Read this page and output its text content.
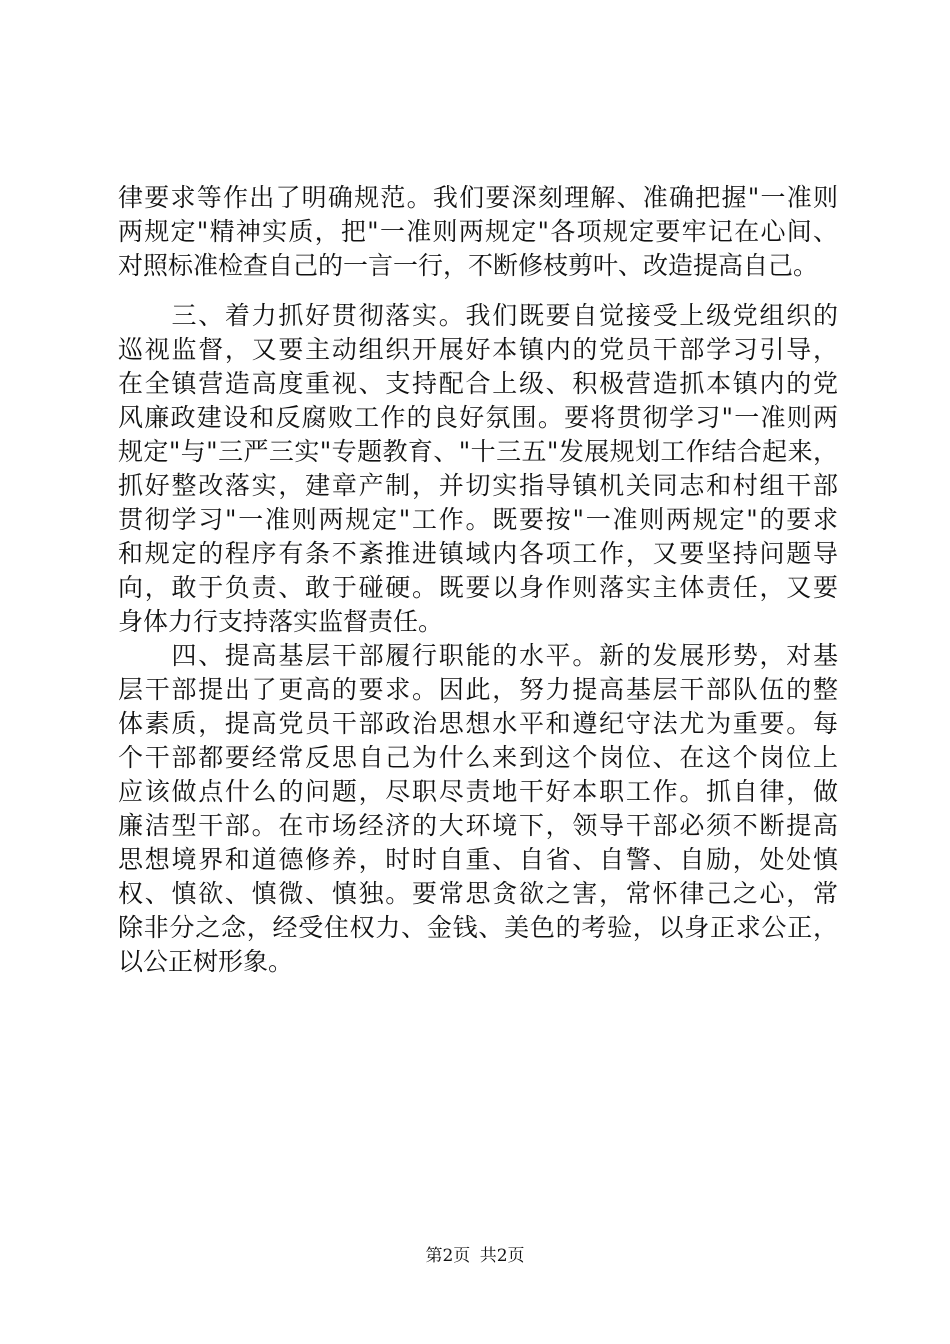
律要求等作出了明确规范。我们要深刻理解、准确把握"一准则
两规定"精神实质，把"一准则两规定"各项规定要牢记在心间、
对照标准检查自己的一言一行，不断修枝剪叶、改造提高自己。
　　三、着力抓好贯彻落实。我们既要自觉接受上级党组织的
巡视监督，又要主动组织开展好本镇内的党员干部学习引导，
在全镇营造高度重视、支持配合上级、积极营造抓本镇内的党
风廉政建设和反腐败工作的良好氛围。要将贯彻学习"一准则两
规定"与"三严三实"专题教育、"十三五"发展规划工作结合起来，
抓好整改落实，建章产制，并切实指导镇机关同志和村组干部
贯彻学习"一准则两规定"工作。既要按"一准则两规定"的要求
和规定的程序有条不紊推进镇域内各项工作，又要坚持问题导
向，敢于负责、敢于碰硬。既要以身作则落实主体责任，又要
身体力行支持落实监督责任。
　　四、提高基层干部履行职能的水平。新的发展形势，对基
层干部提出了更高的要求。因此，努力提高基层干部队伍的整
体素质，提高党员干部政治思想水平和遵纪守法尤为重要。每
个干部都要经常反思自己为什么来到这个岗位、在这个岗位上
应该做点什么的问题，尽职尽责地干好本职工作。抓自律，做
廉洁型干部。在市场经济的大环境下，领导干部必须不断提高
思想境界和道德修养，时时自重、自省、自警、自励，处处慎
权、慎欲、慎微、慎独。要常思贪欲之害，常怀律己之心，常
除非分之念，经受住权力、金钱、美色的考验，以身正求公正，
以公正树形象。
第2页 共2页
